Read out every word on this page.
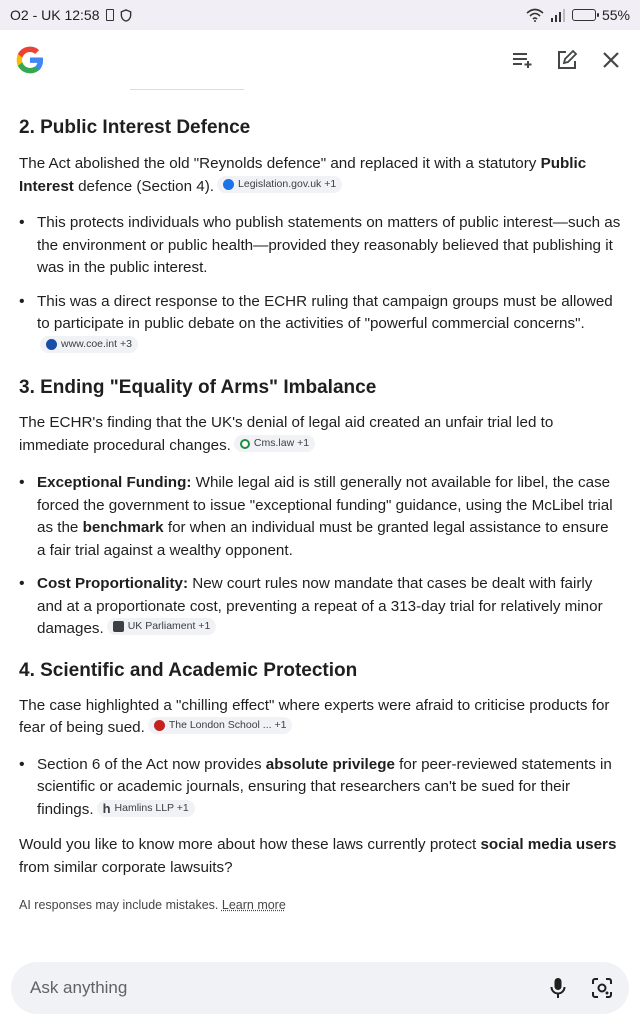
O2 - UK 12:58	55%
2. Public Interest Defence

The Act abolished the old "Reynolds defence" and replaced it with a statutory Public Interest defence (Section 4). Legislation.gov.uk +1

• This protects individuals who publish statements on matters of public interest—such as the environment or public health—provided they reasonably believed that publishing it was in the public interest.
• This was a direct response to the ECHR ruling that campaign groups must be allowed to participate in public debate on the activities of "powerful commercial concerns".
www.coe.int +3
3. Ending "Equality of Arms" Imbalance

The ECHR's finding that the UK's denial of legal aid created an unfair trial led to immediate procedural changes. Cms.law +1

• Exceptional Funding: While legal aid is still generally not available for libel, the case forced the government to issue "exceptional funding" guidance, using the McLibel trial as the benchmark for when an individual must be granted legal assistance to ensure a fair trial against a wealthy opponent.
• Cost Proportionality: New court rules now mandate that cases be dealt with fairly and at a proportionate cost, preventing a repeat of a 313-day trial for relatively minor damages. UK Parliament +1
4. Scientific and Academic Protection

The case highlighted a "chilling effect" where experts were afraid to criticise products for fear of being sued. The London School ... +1

• Section 6 of the Act now provides absolute privilege for peer-reviewed statements in scientific or academic journals, ensuring that researchers can't be sued for their findings. h Hamlins LLP +1

Would you like to know more about how these laws currently protect social media users from similar corporate lawsuits?

AI responses may include mistakes. Learn more

Ask anything
